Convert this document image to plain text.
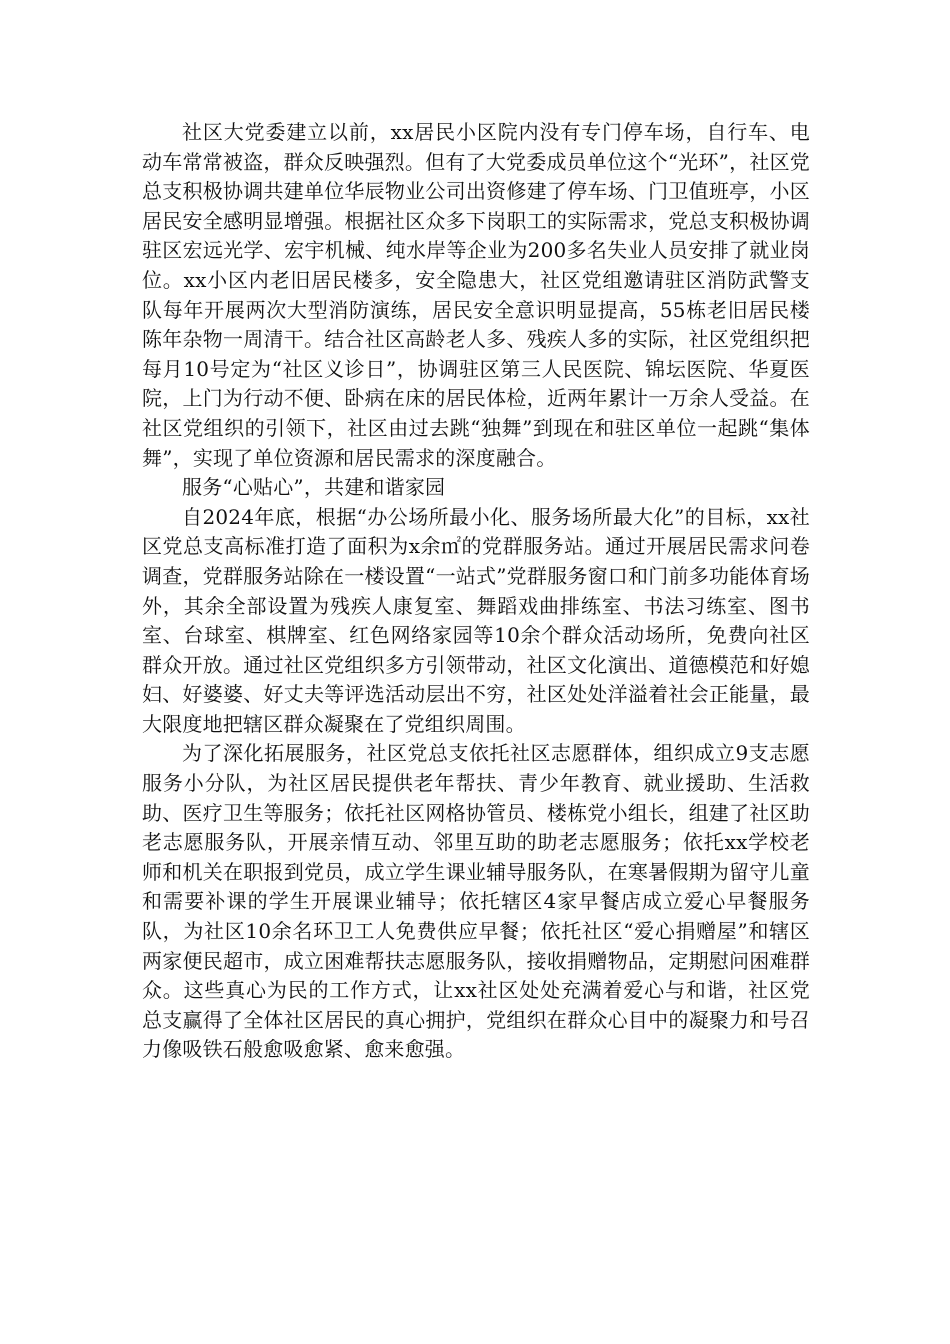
社区大党委建立以前，xx居民小区院内没有专门停车场，自行车、电动车常常被盗，群众反映强烈。但有了大党委成员单位这个“光环”，社区党总支积极协调共建单位华辰物业公司出资修建了停车场、门卫值班亭，小区居民安全感明显增强。根据社区众多下岗职工的实际需求，党总支积极协调驻区宏远光学、宏宇机械、纯水岸等企业为200多名失业人员安排了就业岗位。xx小区内老旧居民楼多，安全隐患大，社区党组邀请驻区消防武警支队每年开展两次大型消防演练，居民安全意识明显提高，55栋老旧居民楼陈年杂物一周清干。结合社区高龄老人多、残疾人多的实际，社区党组织把每月10号定为“社区义诊日”，协调驻区第三人民医院、锦坛医院、华夏医院，上门为行动不便、卧病在床的居民体检，近两年累计一万余人受益。在社区党组织的引领下，社区由过去跳“独舞”到现在和驻区单位一起跳“集体舞”，实现了单位资源和居民需求的深度融合。

服务“心贴心”，共建和谐家园

自2024年底，根据“办公场所最小化、服务场所最大化”的目标，xx社区党总支高标准打造了面积为x余㎡的党群服务站。通过开展居民需求问卷调查，党群服务站除在一楼设置“一站式”党群服务窗口和门前多功能体育场外，其余全部设置为残疾人康复室、舞蹈戏曲排练室、书法习练室、图书室、台球室、棋牌室、红色网络家园等10余个群众活动场所，免费向社区群众开放。通过社区党组织多方引领带动，社区文化演出、道德模范和好媳妇、好婆婆、好丈夫等评选活动层出不穷，社区处处洋溢着社会正能量，最大限度地把辖区群众凝聚在了党组织周围。

为了深化拓展服务，社区党总支依托社区志愿群体，组织成立9支志愿服务小分队，为社区居民提供老年帮扶、青少年教育、就业援助、生活救助、医疗卫生等服务；依托社区网格协管员、楼栋党小组长，组建了社区助老志愿服务队，开展亲情互动、邻里互助的助老志愿服务；依托xx学校老师和机关在职报到党员，成立学生课业辅导服务队，在寒暑假期为留守儿童和需要补课的学生开展课业辅导；依托辖区4家早餐店成立爱心早餐服务队，为社区10余名环卫工人免费供应早餐；依托社区“爱心捐赠屋”和辖区两家便民超市，成立困难帮扶志愿服务队，接收捐赠物品，定期慰问困难群众。这些真心为民的工作方式，让xx社区处处充满着爱心与和谐，社区党总支赢得了全体社区居民的真心拥护，党组织在群众心目中的凝聚力和号召力像吸铁石般愈吸愈紧、愈来愈强。
